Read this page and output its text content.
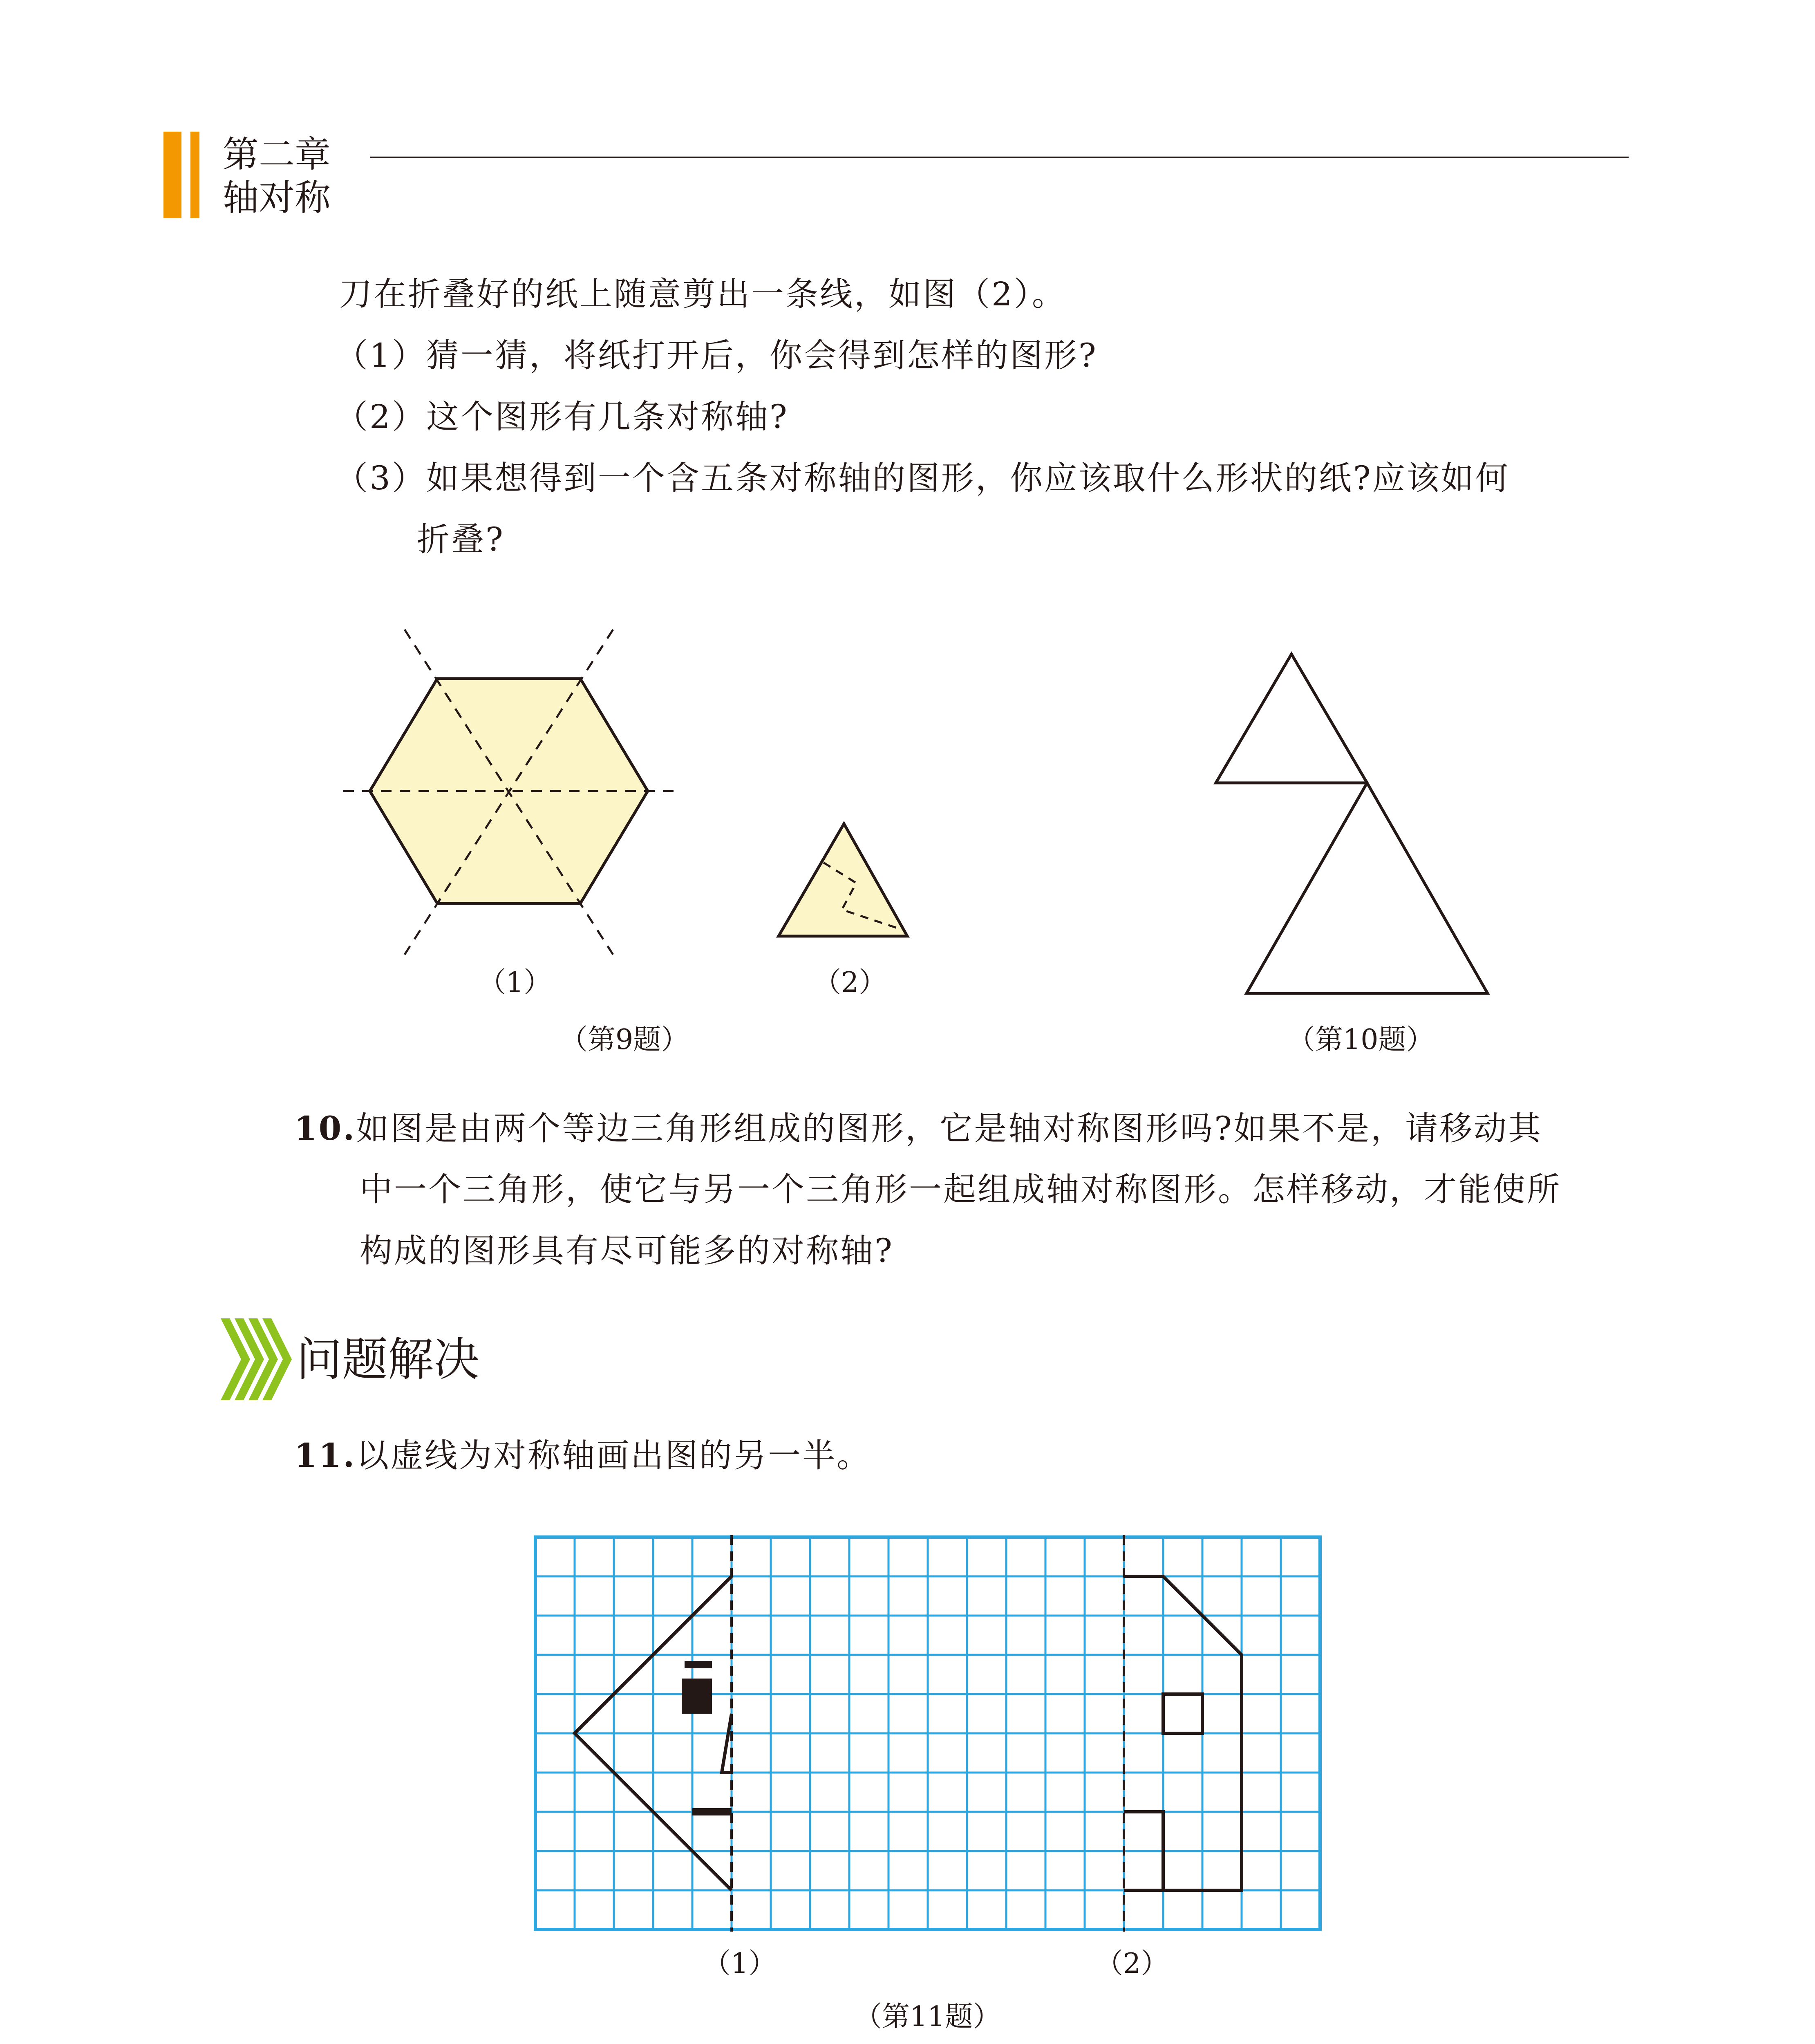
第二章
轴对称
刀在折叠好的纸上随意剪出一条线，如图（2）。
（1）猜一猜，将纸打开后，你会得到怎样的图形?
（2）这个图形有几条对称轴?
（3）如果想得到一个含五条对称轴的图形，你应该取什么形状的纸?应该如何
折叠?
（1）	（2）
（第9题）	（第10题）
10.如图是由两个等边三角形组成的图形，它是轴对称图形吗?如果不是，请移动其
中一个三角形，使它与另一个三角形一起组成轴对称图形。怎样移动，才能使所
构成的图形具有尽可能多的对称轴?
问题解决
11.以虚线为对称轴画出图的另一半。
（1）	（2）
（第11题）
